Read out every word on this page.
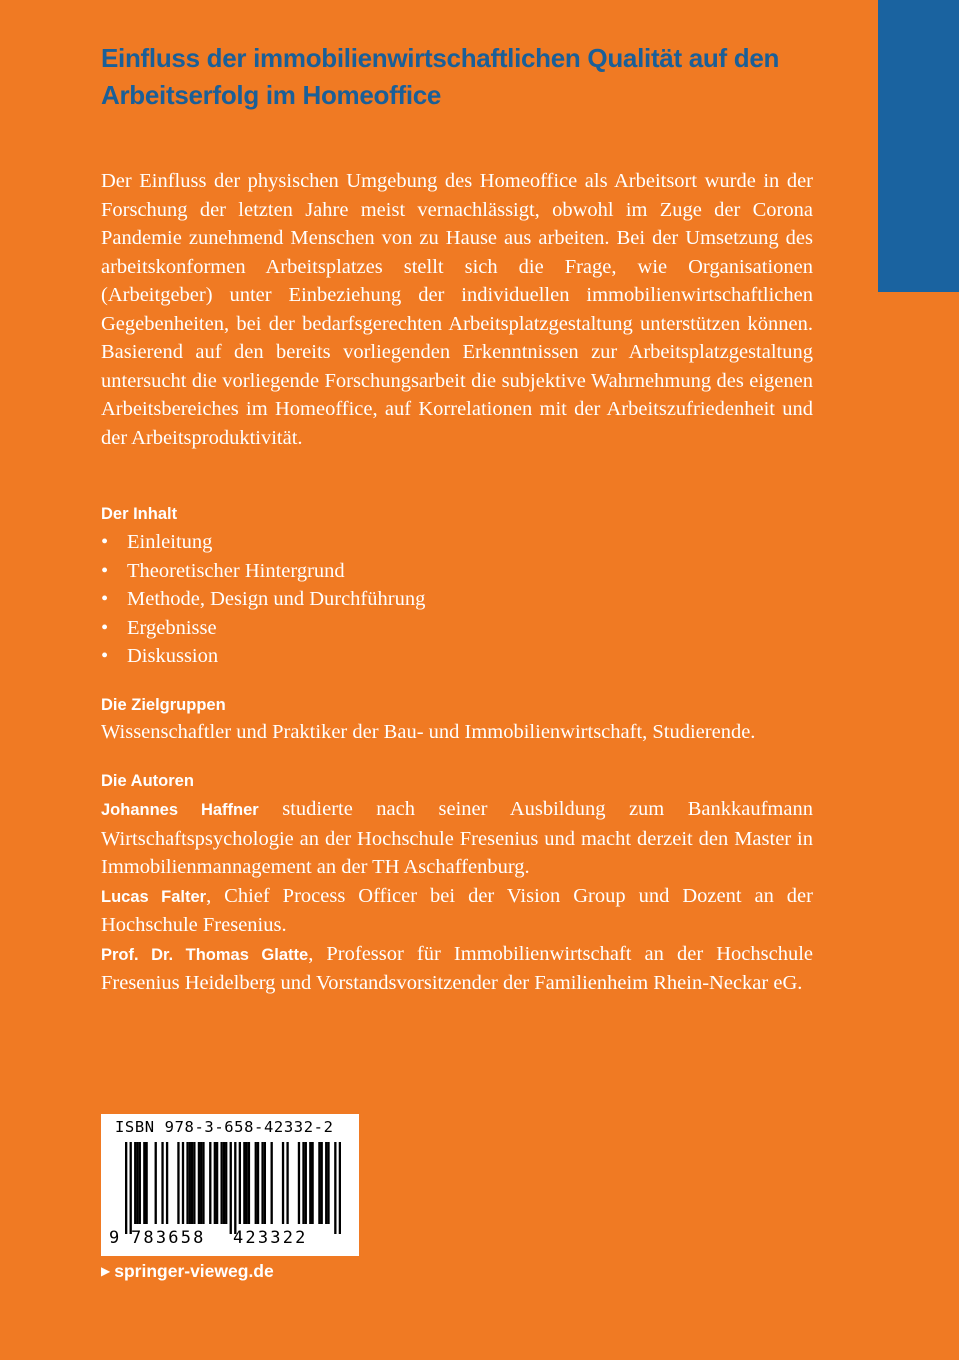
Einfluss der immobilienwirtschaftlichen Qualität auf den
Arbeitserfolg im Homeoffice
Der Einfluss der physischen Umgebung des Homeoffice als Arbeitsort wurde in der Forschung der letzten Jahre meist vernachlässigt, obwohl im Zuge der Corona Pandemie zunehmend Menschen von zu Hause aus arbeiten. Bei der Umsetzung des arbeitskonformen Arbeitsplatzes stellt sich die Frage, wie Organisationen (Arbeitgeber) unter Einbeziehung der individuellen immobilienwirtschaftlichen Gegebenheiten, bei der bedarfsgerechten Arbeitsplatzgestaltung unterstützen können. Basierend auf den bereits vorliegenden Erkenntnissen zur Arbeitsplatzgestaltung untersucht die vorliegende Forschungsarbeit die subjektive Wahrnehmung des eigenen Arbeitsbereiches im Homeoffice, auf Korrelationen mit der Arbeitszufriedenheit und der Arbeitsproduktivität.
Der Inhalt
• Einleitung
• Theoretischer Hintergrund
• Methode, Design und Durchführung
• Ergebnisse
• Diskussion
Die Zielgruppen
Wissenschaftler und Praktiker der Bau- und Immobilienwirtschaft, Studierende.
Die Autoren
Johannes Haffner studierte nach seiner Ausbildung zum Bankkaufmann Wirtschaftspsychologie an der Hochschule Fresenius und macht derzeit den Master in Immobilienmannagement an der TH Aschaffenburg.
Lucas Falter, Chief Process Officer bei der Vision Group und Dozent an der Hochschule Fresenius.
Prof. Dr. Thomas Glatte, Professor für Immobilienwirtschaft an der Hochschule Fresenius Heidelberg und Vorstandsvorsitzender der Familienheim Rhein-Neckar eG.
ISBN 978-3-658-42332-2
9 783658 423322
▶ springer-vieweg.de
